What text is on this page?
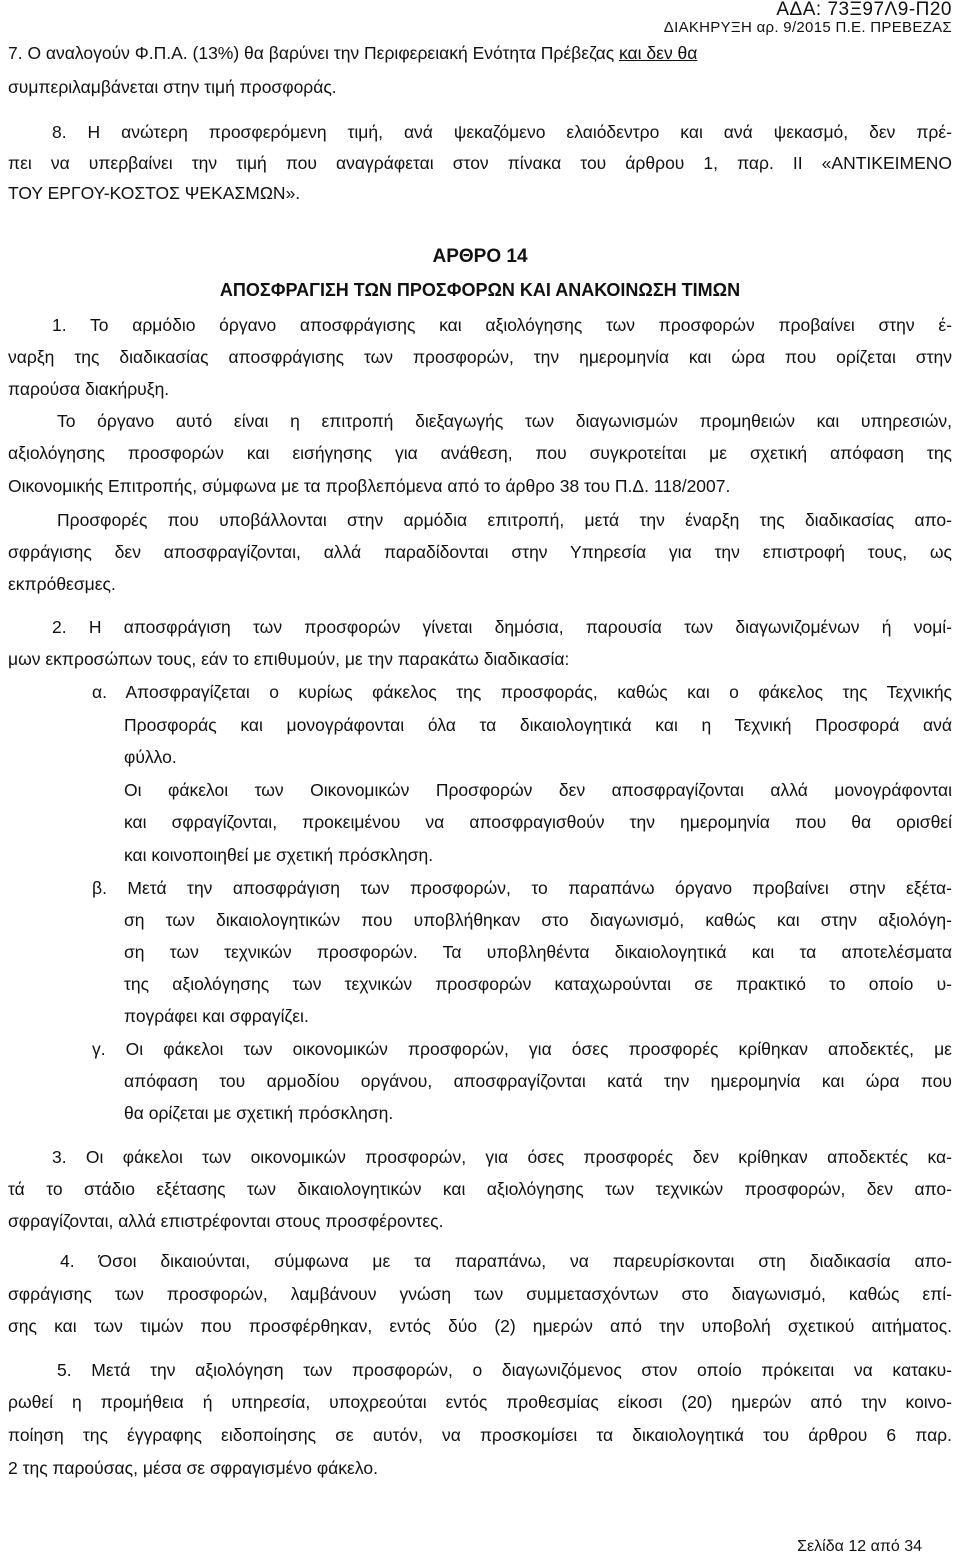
ΑΔΑ: 73Ξ97Λ9-Π20
ΔΙΑΚΗΡΥΞΗ αρ. 9/2015 Π.Ε. ΠΡΕΒΕΖΑΣ
7. Ο αναλογούν Φ.Π.Α. (13%) θα βαρύνει την Περιφερειακή Ενότητα Πρέβεζας και δεν θα
συμπεριλαμβάνεται στην τιμή προσφοράς.
8. Η ανώτερη προσφερόμενη τιμή, ανά ψεκαζόμενο ελαιόδεντρο και ανά ψεκασμό, δεν πρέ-
πει να υπερβαίνει την τιμή που αναγράφεται στον πίνακα του άρθρου 1, παρ. ΙΙ «ΑΝΤΙΚΕΙΜΕΝΟ
ΤΟΥ ΕΡΓΟΥ-ΚΟΣΤΟΣ ΨΕΚΑΣΜΩΝ».
ΑΡΘΡΟ 14
ΑΠΟΣΦΡΑΓΙΣΗ ΤΩΝ ΠΡΟΣΦΟΡΩΝ ΚΑΙ ΑΝΑΚΟΙΝΩΣΗ ΤΙΜΩΝ
1. Το αρμόδιο όργανο αποσφράγισης και αξιολόγησης των προσφορών προβαίνει στην έ-
ναρξη της διαδικασίας αποσφράγισης των προσφορών, την ημερομηνία και ώρα που ορίζεται στην
παρούσα διακήρυξη.
Το όργανο αυτό είναι η επιτροπή διεξαγωγής των διαγωνισμών προμηθειών και υπηρεσιών,
αξιολόγησης προσφορών και εισήγησης για ανάθεση, που συγκροτείται με σχετική απόφαση της
Οικονομικής Επιτροπής, σύμφωνα με τα προβλεπόμενα από το άρθρο 38 του Π.Δ. 118/2007.
Προσφορές που υποβάλλονται στην αρμόδια επιτροπή, μετά την έναρξη της διαδικασίας απο-
σφράγισης δεν αποσφραγίζονται, αλλά παραδίδονται στην Υπηρεσία για την επιστροφή τους, ως
εκπρόθεσμες.
2. Η αποσφράγιση των προσφορών γίνεται δημόσια, παρουσία των διαγωνιζομένων ή νομί-
μων εκπροσώπων τους, εάν το επιθυμούν, με την παρακάτω διαδικασία:
α. Αποσφραγίζεται ο κυρίως φάκελος της προσφοράς, καθώς και ο φάκελος της Τεχνικής
Προσφοράς και μονογράφονται όλα τα δικαιολογητικά και η Τεχνική Προσφορά ανά
φύλλο.
Οι φάκελοι των Οικονομικών Προσφορών δεν αποσφραγίζονται αλλά μονογράφονται
και σφραγίζονται, προκειμένου να αποσφραγισθούν την ημερομηνία που θα ορισθεί
και κοινοποιηθεί με σχετική πρόσκληση.
β. Μετά την αποσφράγιση των προσφορών, το παραπάνω όργανο προβαίνει στην εξέτα-
ση των δικαιολογητικών που υποβλήθηκαν στο διαγωνισμό, καθώς και στην αξιολόγη-
ση των τεχνικών προσφορών. Τα υποβληθέντα δικαιολογητικά και τα αποτελέσματα
της αξιολόγησης των τεχνικών προσφορών καταχωρούνται σε πρακτικό το οποίο υ-
πογράφει και σφραγίζει.
γ. Οι φάκελοι των οικονομικών προσφορών, για όσες προσφορές κρίθηκαν αποδεκτές, με
απόφαση του αρμοδίου οργάνου, αποσφραγίζονται κατά την ημερομηνία και ώρα που
θα ορίζεται με σχετική πρόσκληση.
3. Οι φάκελοι των οικονομικών προσφορών, για όσες προσφορές δεν κρίθηκαν αποδεκτές κα-
τά το στάδιο εξέτασης των δικαιολογητικών και αξιολόγησης των τεχνικών προσφορών, δεν απο-
σφραγίζονται, αλλά επιστρέφονται στους προσφέροντες.
4. Όσοι δικαιούνται, σύμφωνα με τα παραπάνω, να παρευρίσκονται στη διαδικασία απο-
σφράγισης των προσφορών, λαμβάνουν γνώση των συμμετασχόντων στο διαγωνισμό, καθώς επί-
σης και των τιμών που προσφέρθηκαν, εντός δύο (2) ημερών από την υποβολή σχετικού αιτήματος.
5. Μετά την αξιολόγηση των προσφορών, ο διαγωνιζόμενος στον οποίο πρόκειται να κατακυ-
ρωθεί η προμήθεια ή υπηρεσία, υποχρεούται εντός προθεσμίας είκοσι (20) ημερών από την κοινο-
ποίηση της έγγραφης ειδοποίησης σε αυτόν, να προσκομίσει τα δικαιολογητικά του άρθρου 6 παρ.
2 της παρούσας, μέσα σε σφραγισμένο φάκελο.
Σελίδα 12 από 34
